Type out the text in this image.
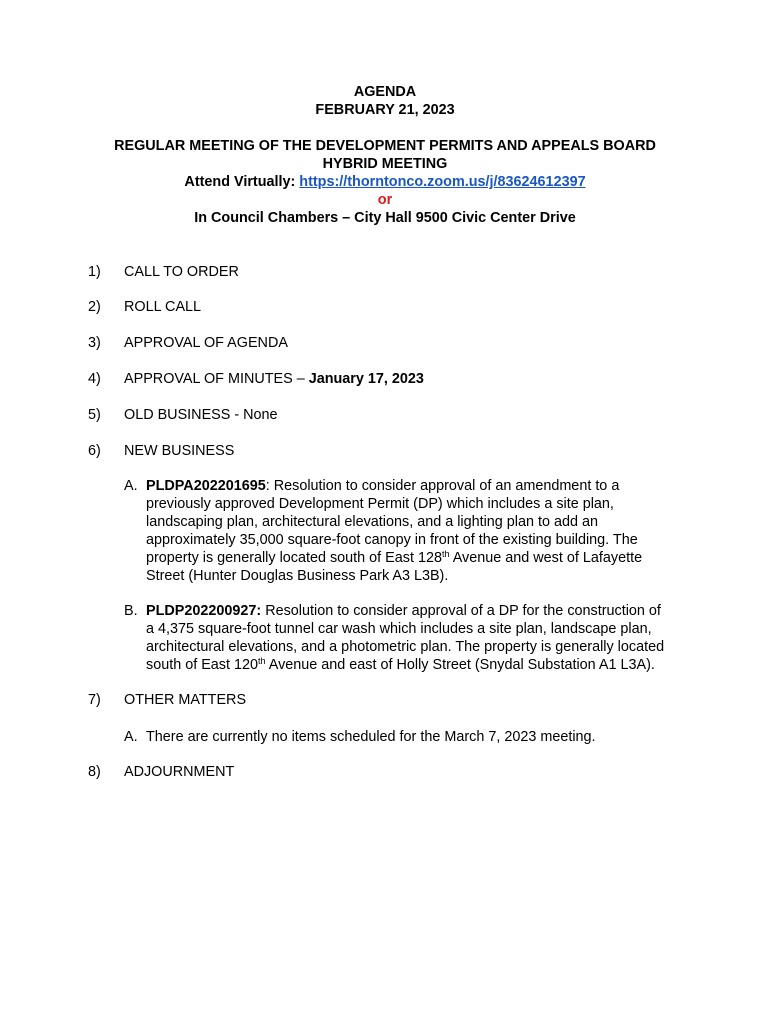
AGENDA
FEBRUARY 21, 2023
REGULAR MEETING OF THE DEVELOPMENT PERMITS AND APPEALS BOARD
HYBRID MEETING
Attend Virtually: https://thorntonco.zoom.us/j/83624612397
or
In Council Chambers – City Hall 9500 Civic Center Drive
1) CALL TO ORDER
2) ROLL CALL
3) APPROVAL OF AGENDA
4) APPROVAL OF MINUTES – January 17, 2023
5) OLD BUSINESS - None
6) NEW BUSINESS
A. PLDPA202201695: Resolution to consider approval of an amendment to a
previously approved Development Permit (DP) which includes a site plan,
landscaping plan, architectural elevations, and a lighting plan to add an
approximately 35,000 square-foot canopy in front of the existing building. The
property is generally located south of East 128th Avenue and west of Lafayette
Street (Hunter Douglas Business Park A3 L3B).
B. PLDP202200927: Resolution to consider approval of a DP for the construction of
a 4,375 square-foot tunnel car wash which includes a site plan, landscape plan,
architectural elevations, and a photometric plan. The property is generally located
south of East 120th Avenue and east of Holly Street (Snydal Substation A1 L3A).
7) OTHER MATTERS
A. There are currently no items scheduled for the March 7, 2023 meeting.
8) ADJOURNMENT
